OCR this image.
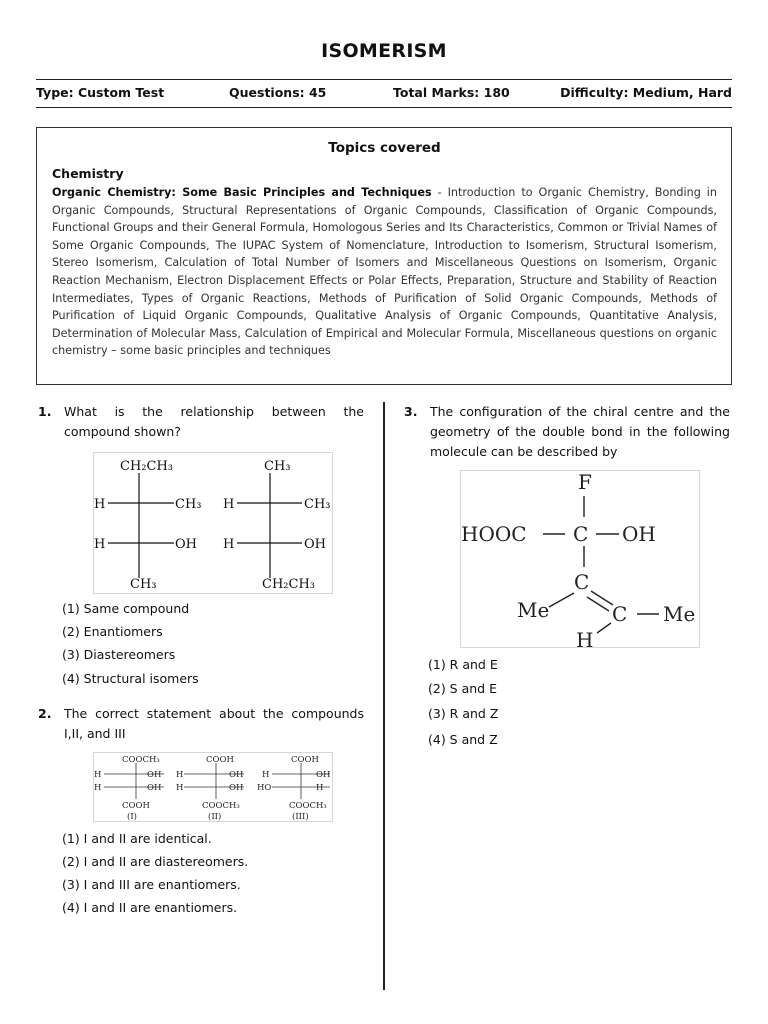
ISOMERISM
Type: Custom Test	Questions: 45	Total Marks: 180	Difficulty: Medium, Hard
Topics covered
Chemistry
Organic Chemistry: Some Basic Principles and Techniques - Introduction to Organic Chemistry, Bonding in Organic Compounds, Structural Representations of Organic Compounds, Classification of Organic Compounds, Functional Groups and their General Formula, Homologous Series and Its Characteristics, Common or Trivial Names of Some Organic Compounds, The IUPAC System of Nomenclature, Introduction to Isomerism, Structural Isomerism, Stereo Isomerism, Calculation of Total Number of Isomers and Miscellaneous Questions on Isomerism, Organic Reaction Mechanism, Electron Displacement Effects or Polar Effects, Preparation, Structure and Stability of Reaction Intermediates, Types of Organic Reactions, Methods of Purification of Solid Organic Compounds, Methods of Purification of Liquid Organic Compounds, Qualitative Analysis of Organic Compounds, Quantitative Analysis, Determination of Molecular Mass, Calculation of Empirical and Molecular Formula, Miscellaneous questions on organic chemistry – some basic principles and techniques
1. What is the relationship between the compound shown?
CH₂CH₃
H	CH₃
H	OH
CH₃
CH₃
H	CH₃
H	OH
CH₂CH₃
(1) Same compound
(2) Enantiomers
(3) Diastereomers
(4) Structural isomers
2. The correct statement about the compounds I,II, and III
COOCH₃
H	OH
H	OH
COOH
(I)
COOH
H	OH
H	OH
COOCH₃
(II)
COOH
H	OH
HO	H
COOCH₃
(III)
(1) I and II are identical.
(2) I and II are diastereomers.
(3) I and III are enantiomers.
(4) I and II are enantiomers.
3. The configuration of the chiral centre and the geometry of the double bond in the following molecule can be described by
F
HOOC C OH
C
Me	C Me
H
(1) R and E
(2) S and E
(3) R and Z
(4) S and Z
